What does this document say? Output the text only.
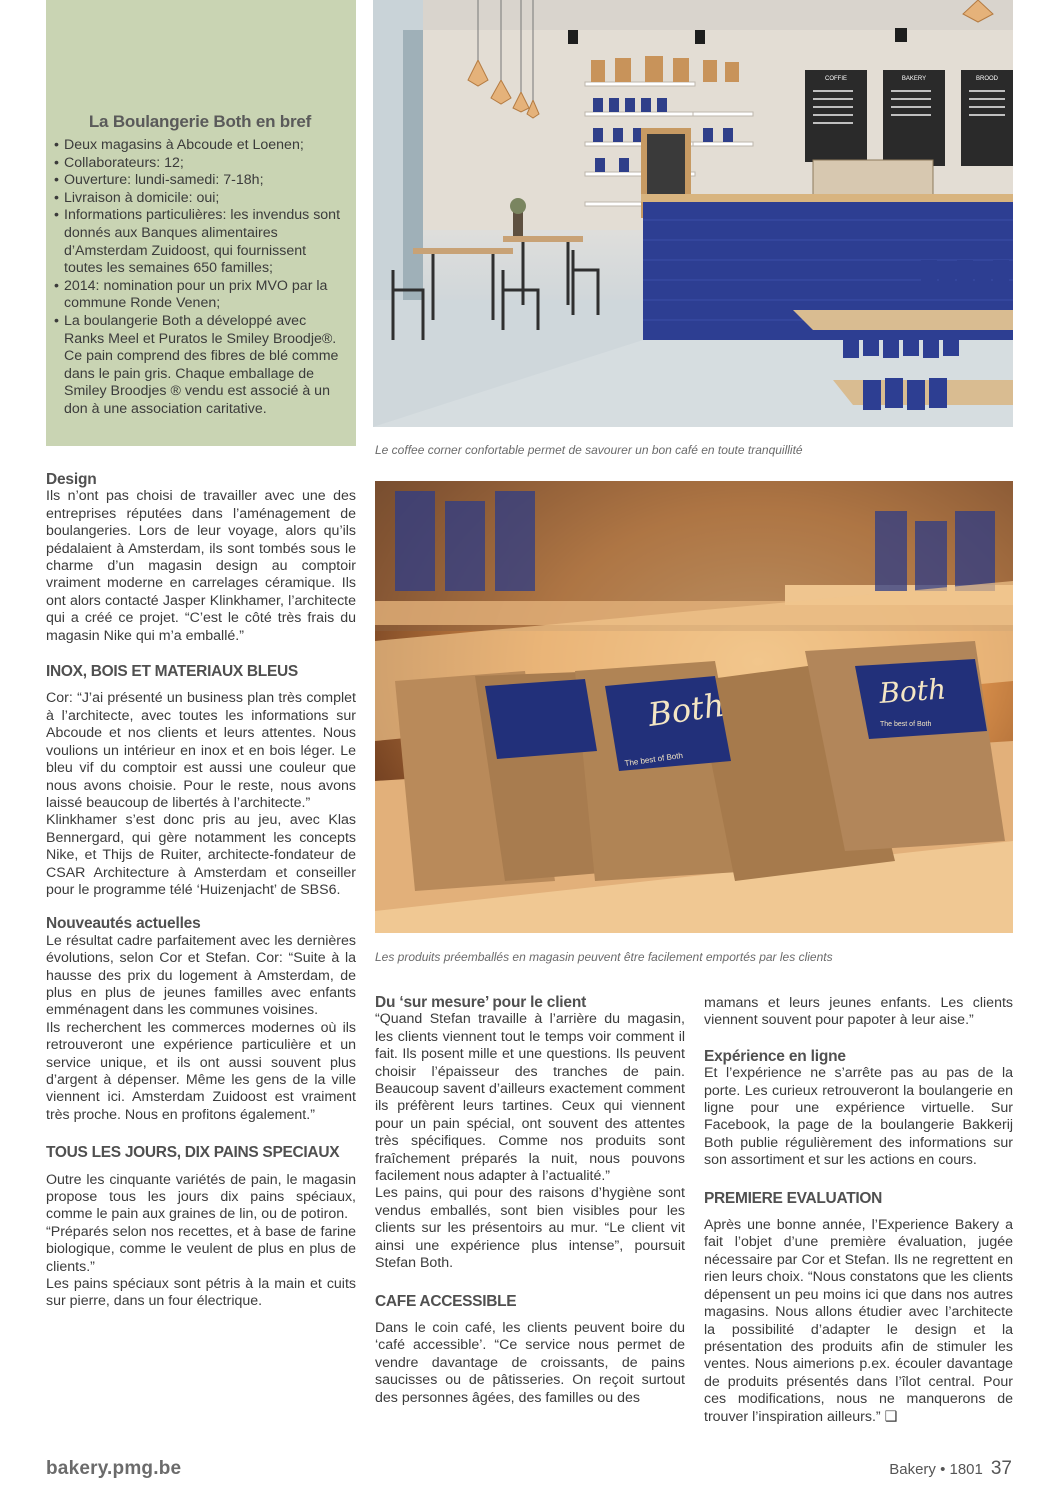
La Boulangerie Both en bref
• Deux magasins à Abcoude et Loenen;
• Collaborateurs: 12;
• Ouverture: lundi-samedi: 7-18h;
• Livraison à domicile: oui;
• Informations particulières: les invendus sont donnés aux Banques alimentaires d’Amsterdam Zuidoost, qui fournissent toutes les semaines 650 familles;
• 2014: nomination pour un prix MVO par la commune Ronde Venen;
• La boulangerie Both a développé avec Ranks Meel et Puratos le Smiley Broodje®. Ce pain comprend des fibres de blé comme dans le pain gris. Chaque emballage de Smiley Broodjes ® vendu est associé à un don à une association caritative.
COFFIE	BAKERY	BROOD
Le coffee corner confortable permet de savourer un bon café en toute tranquillité
Both	Both
The best of Both
The best of Both
Les produits préemballés en magasin peuvent être facilement emportés par les clients
Design

Ils n’ont pas choisi de travailler avec une des entreprises réputées dans l’aménagement de boulangeries. Lors de leur voyage, alors qu’ils pédalaient à Amsterdam, ils sont tombés sous le charme d’un magasin design au comptoir vraiment moderne en carrelages céramique. Ils ont alors contacté Jasper Klinkhamer, l’architecte qui a créé ce projet. “C’est le côté très frais du magasin Nike qui m’a emballé.”

INOX, BOIS ET MATERIAUX BLEUS

Cor: “J’ai présenté un business plan très complet à l’architecte, avec toutes les informations sur Abcoude et nos clients et leurs attentes. Nous voulions un intérieur en inox et en bois léger. Le bleu vif du comptoir est aussi une couleur que nous avons choisie. Pour le reste, nous avons laissé beaucoup de libertés à l’architecte.”

Klinkhamer s’est donc pris au jeu, avec Klas Bennergard, qui gère notamment les concepts Nike, et Thijs de Ruiter, architecte-fondateur de CSAR Architecture à Amsterdam et conseiller pour le programme télé ‘Huizenjacht’ de SBS6.

Nouveautés actuelles

Le résultat cadre parfaitement avec les dernières évolutions, selon Cor et Stefan. Cor: “Suite à la hausse des prix du logement à Amsterdam, de plus en plus de jeunes familles avec enfants emménagent dans les communes voisines.

Ils recherchent les commerces modernes où ils retrouveront une expérience particulière et un service unique, et ils ont aussi souvent plus d’argent à dépenser. Même les gens de la ville viennent ici. Amsterdam Zuidoost est vraiment très proche. Nous en profitons également.”

TOUS LES JOURS, DIX PAINS SPECIAUX

Outre les cinquante variétés de pain, le magasin propose tous les jours dix pains spéciaux, comme le pain aux graines de lin, ou de potiron.

“Préparés selon nos recettes, et à base de farine biologique, comme le veulent de plus en plus de clients.”

Les pains spéciaux sont pétris à la main et cuits sur pierre, dans un four électrique.

Du ‘sur mesure’ pour le client

“Quand Stefan travaille à l’arrière du magasin, les clients viennent tout le temps voir comment il fait. Ils posent mille et une questions. Ils peuvent choisir l’épaisseur des tranches de pain. Beaucoup savent d’ailleurs exactement comment ils préfèrent leurs tartines. Ceux qui viennent pour un pain spécial, ont souvent des attentes très spécifiques. Comme nos produits sont fraîchement préparés la nuit, nous pouvons facilement nous adapter à l’actualité.”

Les pains, qui pour des raisons d’hygiène sont vendus emballés, sont bien visibles pour les clients sur les présentoirs au mur. “Le client vit ainsi une expérience plus intense”, poursuit Stefan Both.

CAFE ACCESSIBLE

Dans le coin café, les clients peuvent boire du ‘café accessible’. “Ce service nous permet de vendre davantage de croissants, de pains saucisses ou de pâtisseries. On reçoit surtout des personnes âgées, des familles ou des

mamans et leurs jeunes enfants. Les clients viennent souvent pour papoter à leur aise.”

Expérience en ligne

Et l’expérience ne s’arrête pas au pas de la porte. Les curieux retrouveront la boulangerie en ligne pour une expérience virtuelle. Sur Facebook, la page de la boulangerie Bakkerij Both publie régulièrement des informations sur son assortiment et sur les actions en cours.

PREMIERE EVALUATION

Après une bonne année, l’Experience Bakery a fait l’objet d’une première évaluation, jugée nécessaire par Cor et Stefan. Ils ne regrettent en rien leurs choix. “Nous constatons que les clients dépensent un peu moins ici que dans nos autres magasins. Nous allons étudier avec l’architecte la possibilité d’adapter le design et la présentation des produits afin de stimuler les ventes. Nous aimerions p.ex. écouler davantage de produits présentés dans l’îlot central. Pour ces modifications, nous ne manquerons de trouver l’inspiration ailleurs.” ❑

bakery.pmg.be	Bakery • 1801 37
